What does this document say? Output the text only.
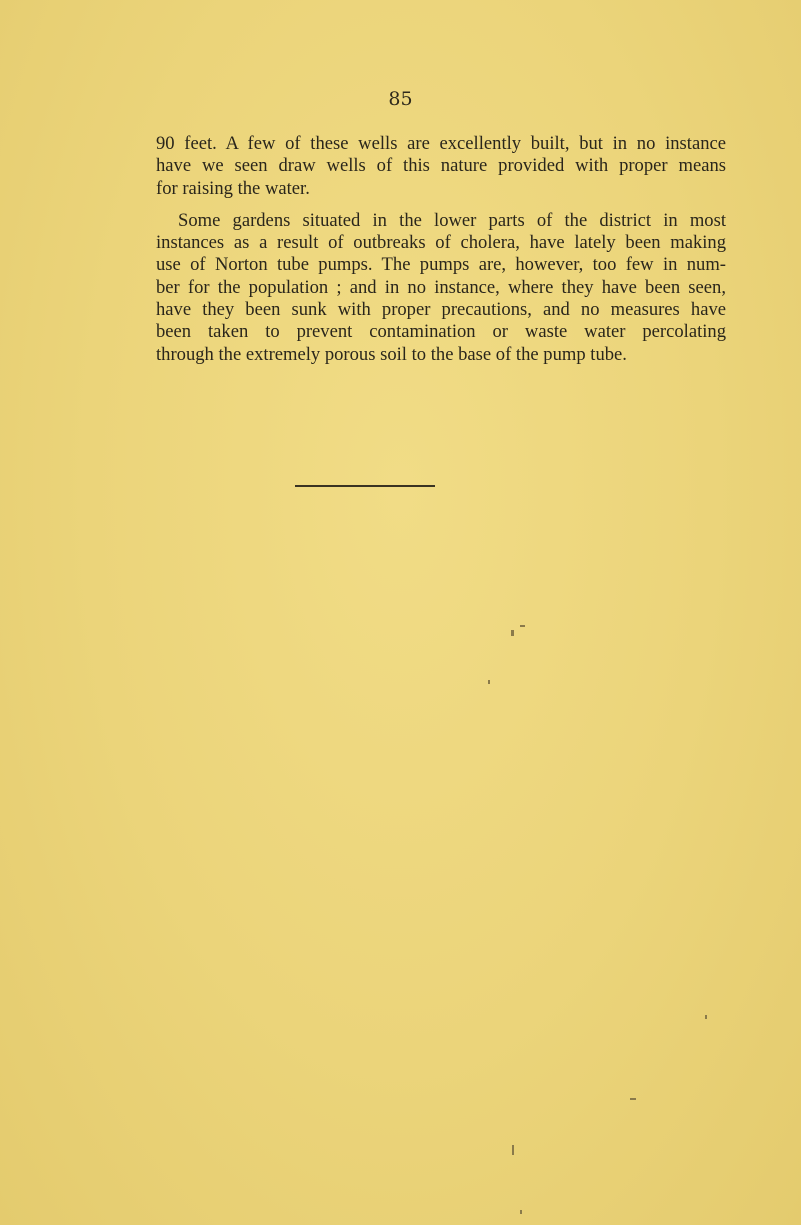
85
90 feet. A few of these wells are excellently built, but in no instance
have we seen draw wells of this nature provided with proper means
for raising the water.
Some gardens situated in the lower parts of the district in most
instances as a result of outbreaks of cholera, have lately been making
use of Norton tube pumps. The pumps are, however, too few in num-
ber for the population ; and in no instance, where they have been seen,
have they been sunk with proper precautions, and no measures have
been taken to prevent contamination or waste water percolating
through the extremely porous soil to the base of the pump tube.
